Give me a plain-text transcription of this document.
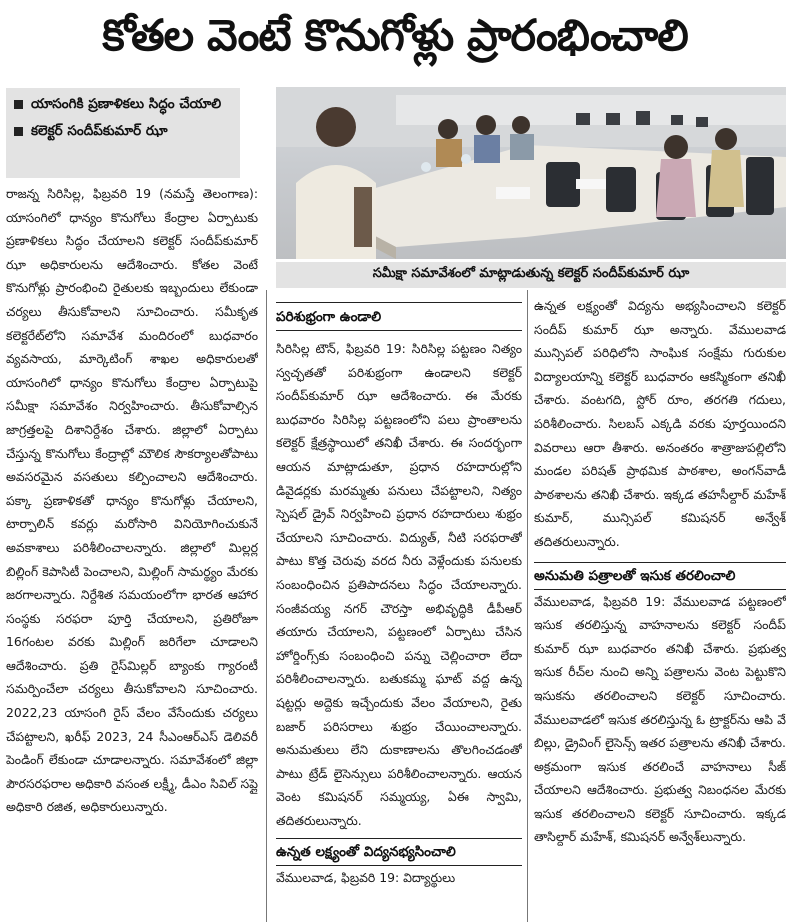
కోతల వెంటే కొనుగోళ్లు ప్రారంభించాలి
యాసంగికి ప్రణాళికలు సిద్ధం చేయాలి
కలెక్టర్ సందీప్‌కుమార్ ఝా
సమీక్షా సమావేశంలో మాట్లాడుతున్న కలెక్టర్ సందీప్‌కుమార్ ఝా

రాజన్న సిరిసిల్ల, ఫిబ్రవరి 19 (నమస్తే తెలంగాణ): యాసంగిలో ధాన్యం కొనుగోలు కేంద్రాల ఏర్పాటుకు ప్రణాళికలు సిద్ధం చేయాలని కలెక్టర్ సందీప్‌కుమార్ ఝా అధికారులను ఆదేశించారు. కోతల వెంటే కొనుగోళ్లు ప్రారంభించి రైతులకు ఇబ్బందులు లేకుండా చర్యలు తీసుకోవాలని సూచించారు. సమీకృత కలెక్టరేట్‌లోని సమావేశ మందిరంలో బుధవారం వ్యవసాయ, మార్కెటింగ్ శాఖల అధికారులతో యాసంగిలో ధాన్యం కొనుగోలు కేంద్రాల ఏర్పాటుపై సమీక్షా సమావేశం నిర్వహించారు. తీసుకోవాల్సిన జాగ్రత్తలపై దిశానిర్దేశం చేశారు. జిల్లాలో ఏర్పాటు చేస్తున్న కొనుగోలు కేంద్రాల్లో మౌలిక సౌకర్యాలతోపాటు అవసరమైన వసతులు కల్పించాలని ఆదేశించారు. పక్కా ప్రణాళికతో ధాన్యం కొనుగోళ్లు చేయాలని, టార్పాలిన్ కవర్లు మరోసారి వినియోగించుకునే అవకాశాలు పరిశీలించాలన్నారు. జిల్లాలో మిల్లర్ల బిల్లింగ్ కెపాసిటీ పెంచాలని, మిల్లింగ్ సామర్థ్యం మేరకు జరగాలన్నారు. నిర్దేశిత సమయంలోగా భారత ఆహార సంస్థకు సరఫరా పూర్తి చేయాలని, ప్రతిరోజూ 16గంటల వరకు మిల్లింగ్ జరిగేలా చూడాలని ఆదేశించారు. ప్రతి రైస్‌మిల్లర్ బ్యాంకు గ్యారంటీ సమర్పించేలా చర్యలు తీసుకోవాలని సూచించారు. 2022,23 యాసంగి రైస్ వేలం వేసేందుకు చర్యలు చేపట్టాలని, ఖరీఫ్ 2023, 24 సీఎంఆర్‌ఎస్ డెలివరీ పెండింగ్ లేకుండా చూడాలన్నారు. సమావేశంలో జిల్లా పౌరసరఫరాల అధికారి వసంత లక్ష్మీ, డీఎం సివిల్ సప్లై అధికారి రజిత, అధికారులున్నారు.

పరిశుభ్రంగా ఉండాలి

సిరిసిల్ల టౌన్, ఫిబ్రవరి 19: సిరిసిల్ల పట్టణం నిత్యం స్వచ్ఛతతో పరిశుభ్రంగా ఉండాలని కలెక్టర్ సందీప్‌కుమార్ ఝా ఆదేశించారు. ఈ మేరకు బుధవారం సిరిసిల్ల పట్టణంలోని పలు ప్రాంతాలను కలెక్టర్ క్షేత్రస్థాయిలో తనిఖీ చేశారు. ఈ సందర్భంగా ఆయన మాట్లాడుతూ, ప్రధాన రహదారుల్లోని డివైడర్లకు మరమ్మతు పనులు చేపట్టాలని, నిత్యం స్పెషల్ డ్రైవ్ నిర్వహించి ప్రధాన రహదారులు శుభ్రం చేయాలని సూచించారు. విద్యుత్, నీటి సరఫరాతో పాటు కొత్త చెరువు వరద నీరు వెళ్లేందుకు పనులకు సంబంధించిన ప్రతిపాదనలు సిద్ధం చేయాలన్నారు. సంజీవయ్య నగర్ చౌరస్తా అభివృద్ధికి డీపీఆర్ తయారు చేయాలని, పట్టణంలో ఏర్పాటు చేసిన హోర్డింగ్స్‌కు సంబంధించి పన్ను చెల్లించారా లేదా పరిశీలించాలన్నారు. బతుకమ్మ ఘాట్ వద్ద ఉన్న షట్టర్లు అద్దెకు ఇచ్చేందుకు వేలం వేయాలని, రైతు బజార్ పరిసరాలు శుభ్రం చేయించాలన్నారు. అనుమతులు లేని దుకాణాలను తొలగించడంతో పాటు ట్రేడ్ లైసెన్సులు పరిశీలించాలన్నారు. ఆయన వెంట కమిషనర్ సమ్మయ్య, ఏఈ స్వామి, తదితరులున్నారు.

ఉన్నత లక్ష్యంతో విద్యనభ్యసించాలి

వేములవాడ, ఫిబ్రవరి 19: విద్యార్థులు

ఉన్నత లక్ష్యంతో విద్యను అభ్యసించాలని కలెక్టర్ సందీప్ కుమార్ ఝా అన్నారు. వేములవాడ మున్సిపల్ పరిధిలోని సాంఘిక సంక్షేమ గురుకుల విద్యాలయాన్ని కలెక్టర్ బుధవారం ఆకస్మికంగా తనిఖీ చేశారు. వంటగది, స్టోర్ రూం, తరగతి గదులు, పరిశీలించారు. సిలబస్ ఎక్కడి వరకు పూర్తయిందని వివరాలు ఆరా తీశారు. అనంతరం శాత్రాజుపల్లిలోని మండల పరిషత్ ప్రాథమిక పాఠశాల, అంగన్‌వాడీ పాఠశాలను తనిఖీ చేశారు. ఇక్కడ తహసీల్దార్ మహేశ్ కుమార్, మున్సిపల్ కమిషనర్ అన్వేశ్ తదితరులున్నారు.

అనుమతి పత్రాలతో ఇసుక తరలించాలి

వేములవాడ, ఫిబ్రవరి 19: వేములవాడ పట్టణంలో ఇసుక తరలిస్తున్న వాహనాలను కలెక్టర్ సందీప్ కుమార్ ఝా బుధవారం తనిఖీ చేశారు. ప్రభుత్వ ఇసుక రీచ్‌ల నుంచి అన్ని పత్రాలను వెంట పెట్టుకొని ఇసుకను తరలించాలని కలెక్టర్ సూచించారు. వేములవాడలో ఇసుక తరలిస్తున్న ఓ ట్రాక్టర్‌ను ఆపి వే బిల్లు, డ్రైవింగ్ లైసెన్స్ ఇతర పత్రాలను తనిఖీ చేశారు. అక్రమంగా ఇసుక తరలించే వాహనాలు సీజ్ చేయాలని ఆదేశించారు. ప్రభుత్వ నిబంధనల మేరకు ఇసుక తరలించాలని కలెక్టర్ సూచించారు. ఇక్కడ తాసిల్దార్ మహేశ్, కమిషనర్ అన్వేశ్‌లున్నారు.
